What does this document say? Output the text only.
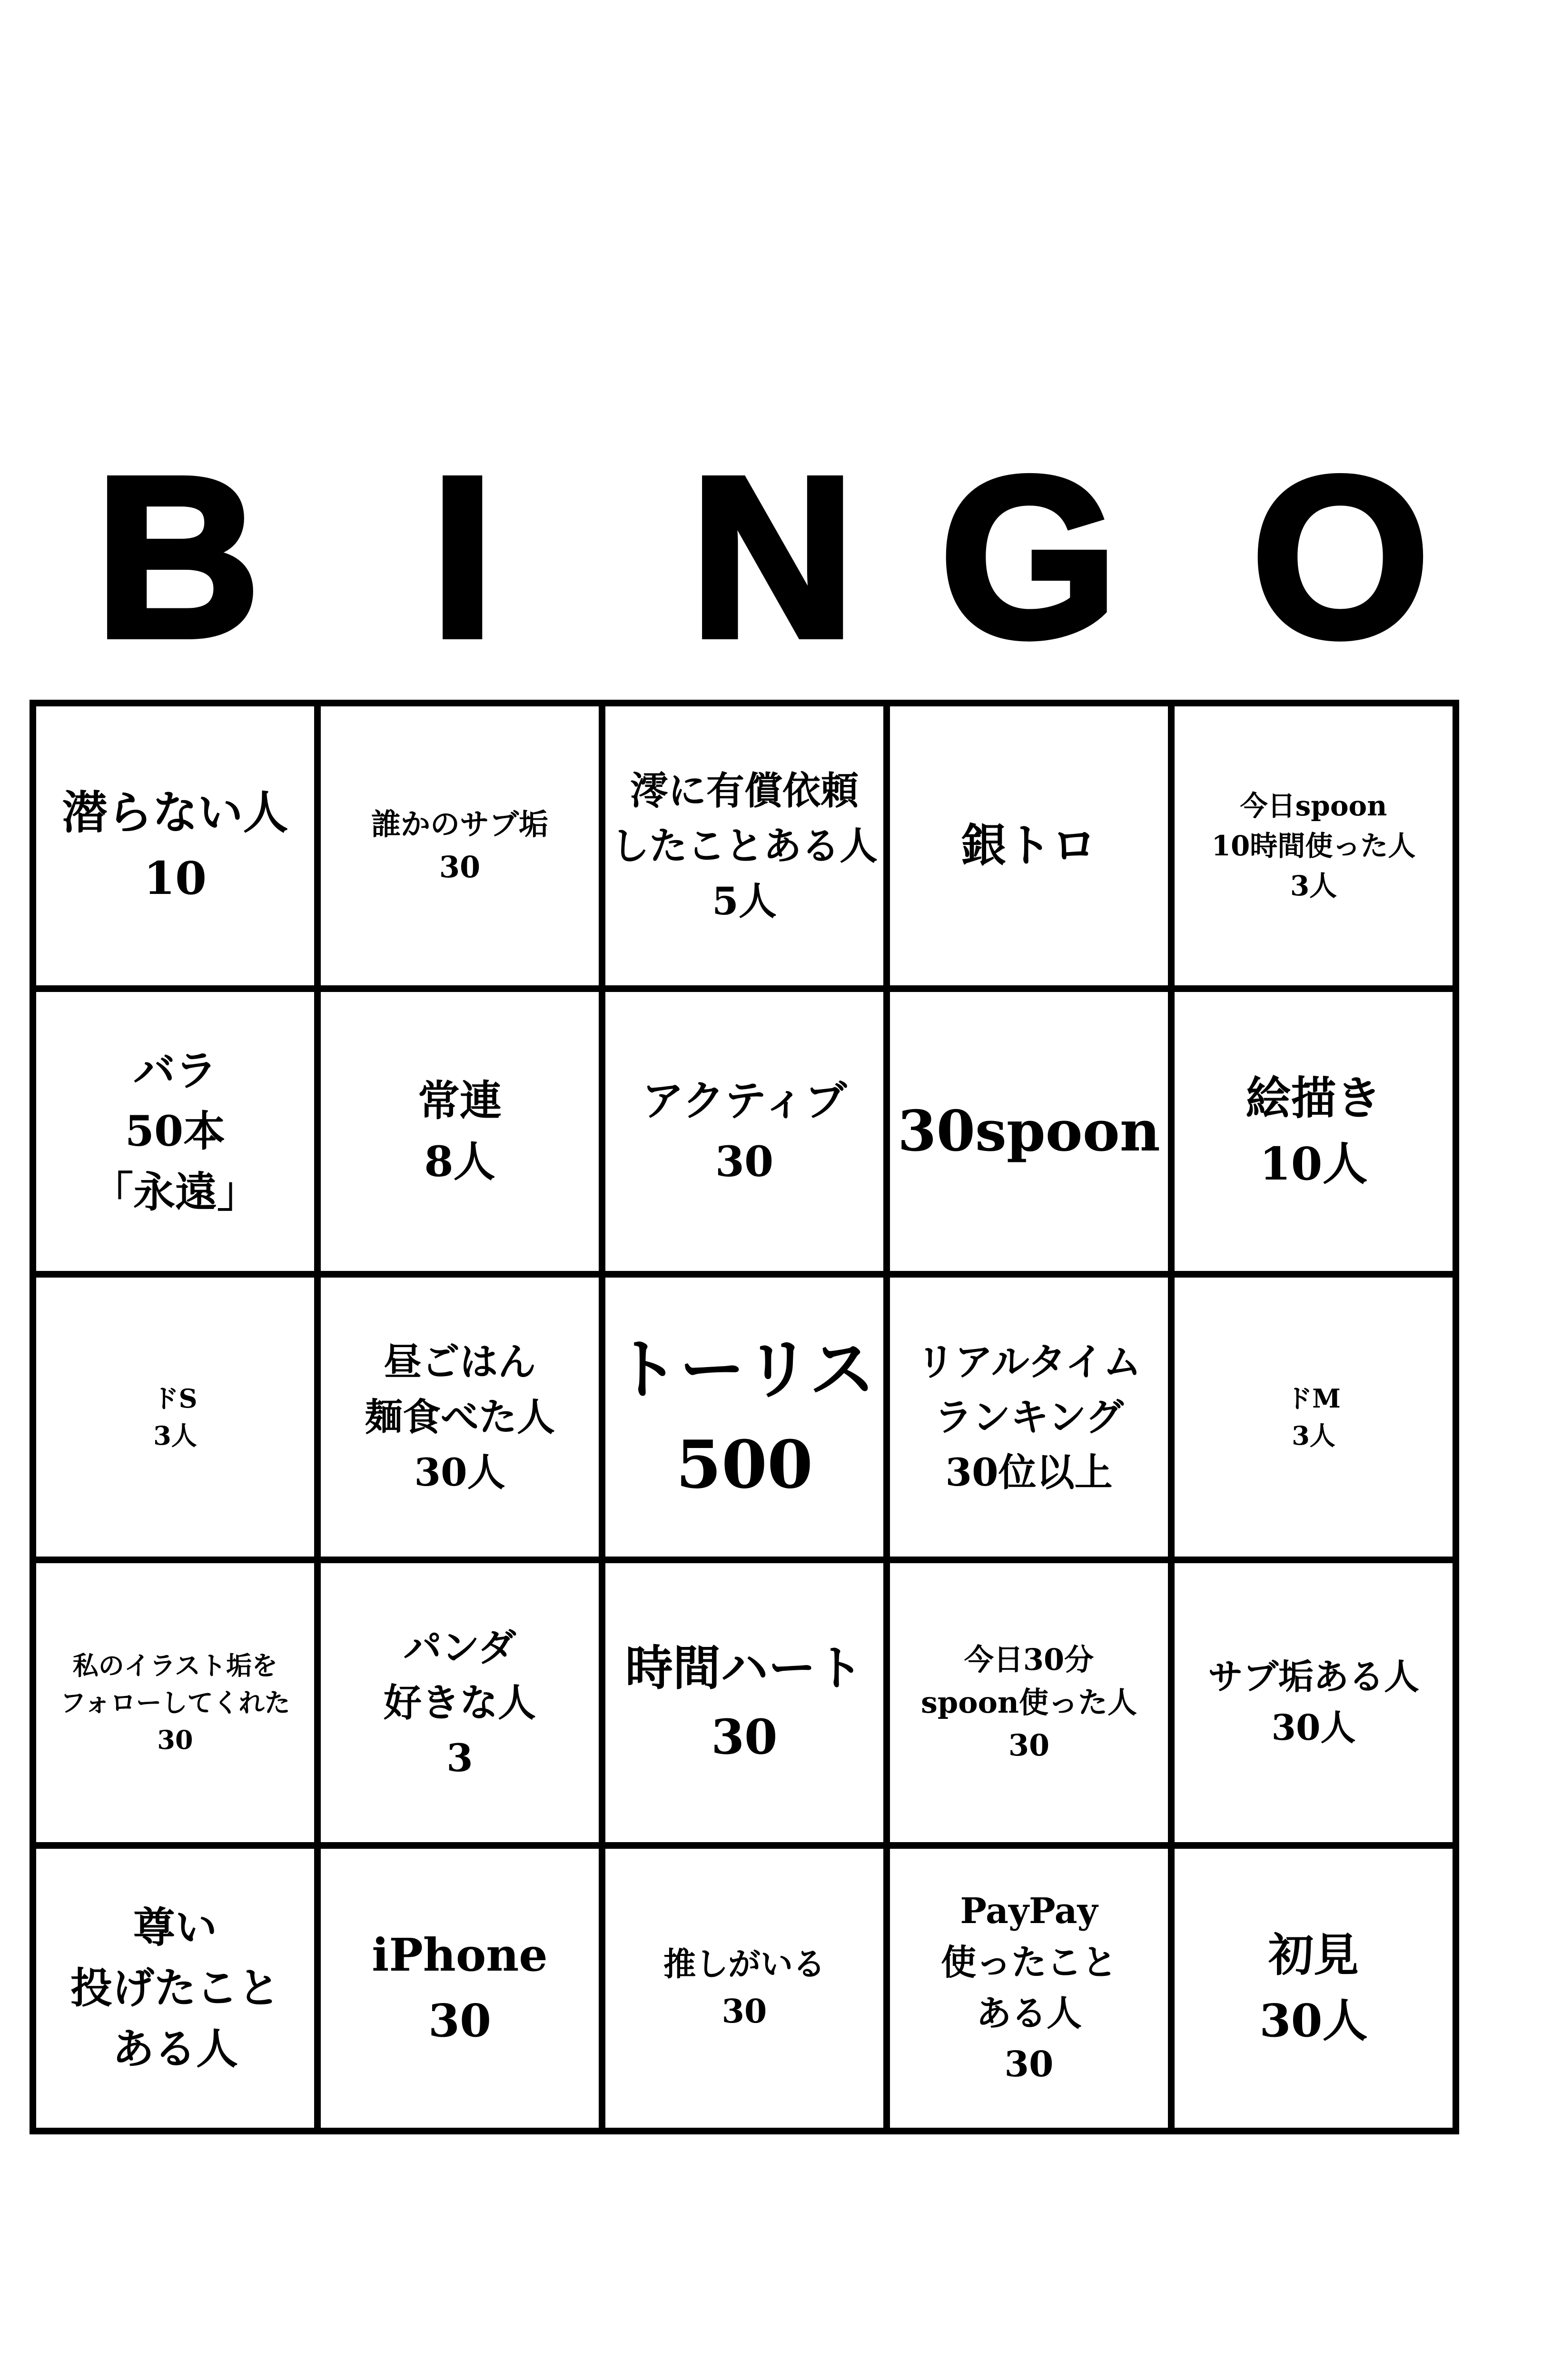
B I N G O
潜らない人
10
誰かのサブ垢
30
澪に有償依頼
したことある人
5人
銀トロ
今日spoon
10時間使った人
3人
バラ
50本
「永遠」
常連
8人
アクティブ
30 30spoon 絵描き
10人
ドS
3人
昼ごはん
麺食べた人
30人
トーリス
500
リアルタイム
ランキング
30位以上
ドM
3人
私のイラスト垢を
フォローしてくれた
30
パンダ
好きな人
3
時間ハート
30
今日30分
spoon使った人
30
サブ垢ある人
30人
尊い
投げたこと
ある人
iPhone
30
推しがいる
30
PayPay
使ったこと
ある人
30
初見
30人
